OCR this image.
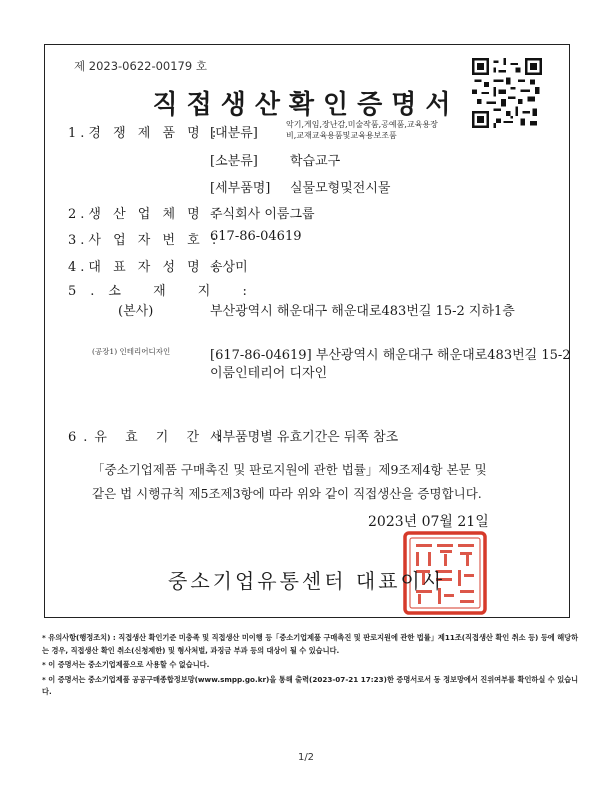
제 2023-0622-00179 호
직접생산확인증명서
1.경 쟁 제 품 명 :
[대분류]
악기,게임,장난감,미술작품,공예품,교육용장
비,교재교육용품및교육용보조품
[소분류] 학습교구
[세부품명] 실물모형및전시물
2.생 산 업 체 명 :
주식회사 이룸그룹
3.사 업 자 번 호 :
617-86-04619
4.대 표 자 성 명 :
송상미
5.소 재 지 :
(본사)	부산광역시 해운대구 해운대로483번길 15-2 지하1층
(공장1) 인테리어디자인	[617-86-04619] 부산광역시 해운대구 해운대로483번길 15-2
이룸인테리어 디자인
6.유 효 기 간 :
세부품명별 유효기간은 뒤쪽 참조
「중소기업제품 구매촉진 및 판로지원에 관한 법률」제9조제4항 본문 및
같은 법 시행규칙 제5조제3항에 따라 위와 같이 직접생산을 증명합니다.
2023년 07월 21일
중소기업유통센터 대표이사

* 유의사항(행정조치) : 직접생산 확인기준 미충족 및 직접생산 미이행 등「중소기업제품 구매촉진 및 판로지원에 관한 법률」제11조(직접생산 확인 취소 등) 등에 해당하는 경우, 직접생산 확인 취소(신청제한) 및 형사처벌, 과징금 부과 등의 대상이 될 수 있습니다.

* 이 증명서는 중소기업제품으로 사용할 수 없습니다.

* 이 증명서는 중소기업제품 공공구매종합정보망(www.smpp.go.kr)을 통해 출력(2023-07-21 17:23)한 증명서로서 동 정보망에서 진위여부를 확인하실 수 있습니다.

1/2
